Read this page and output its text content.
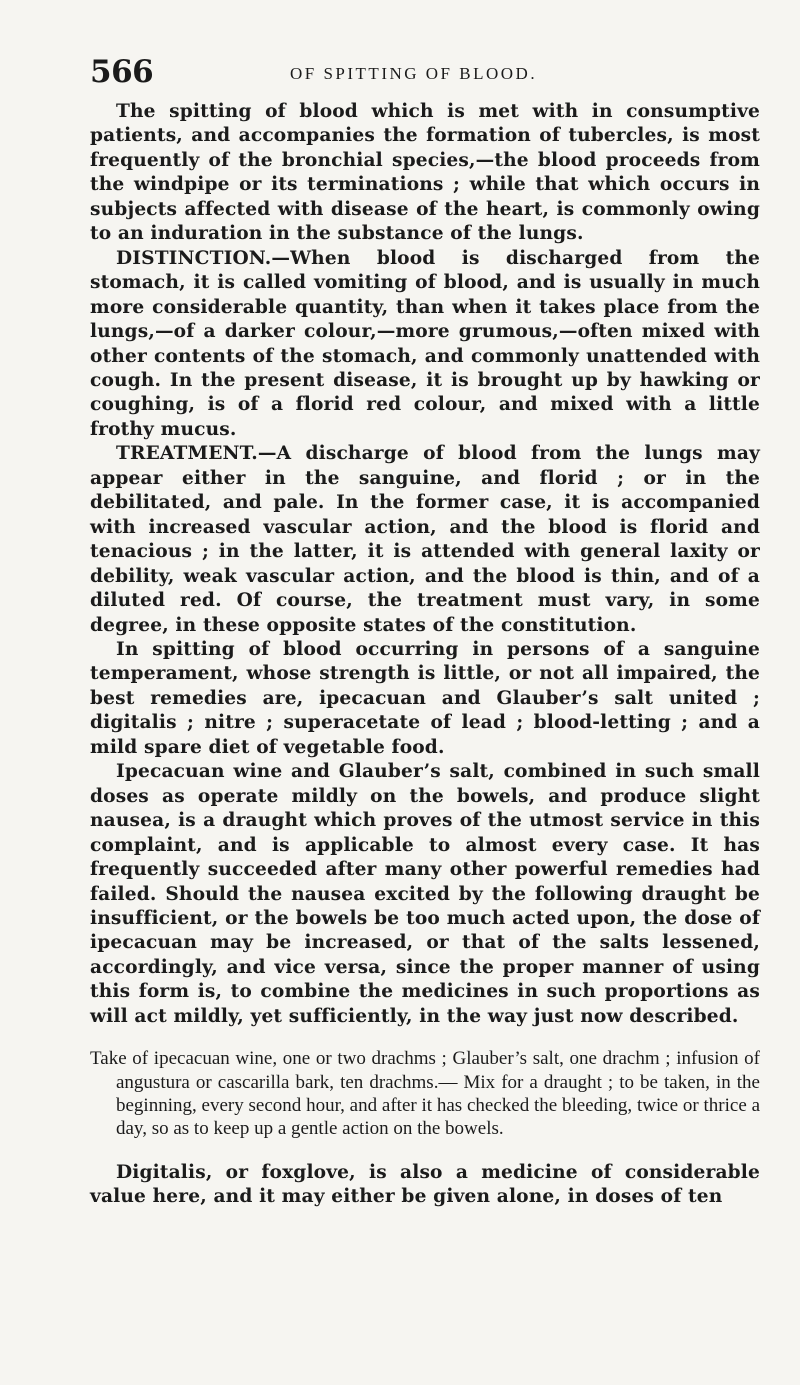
566	OF SPITTING OF BLOOD.

The spitting of blood which is met with in consumptive patients, and accompanies the formation of tubercles, is most frequently of the bronchial species,—the blood proceeds from the windpipe or its terminations ; while that which occurs in subjects affected with disease of the heart, is commonly owing to an induration in the substance of the lungs.

DISTINCTION.—When blood is discharged from the stomach, it is called vomiting of blood, and is usually in much more considerable quantity, than when it takes place from the lungs,—of a darker colour,—more grumous,—often mixed with other contents of the stomach, and commonly unattended with cough. In the present disease, it is brought up by hawking or coughing, is of a florid red colour, and mixed with a little frothy mucus.

TREATMENT.—A discharge of blood from the lungs may appear either in the sanguine, and florid ; or in the debilitated, and pale. In the former case, it is accompanied with increased vascular action, and the blood is florid and tenacious ; in the latter, it is attended with general laxity or debility, weak vascular action, and the blood is thin, and of a diluted red. Of course, the treatment must vary, in some degree, in these opposite states of the constitution.

In spitting of blood occurring in persons of a sanguine temperament, whose strength is little, or not all impaired, the best remedies are, ipecacuan and Glauber’s salt united ; digitalis ; nitre ; superacetate of lead ; blood-letting ; and a mild spare diet of vegetable food.

Ipecacuan wine and Glauber’s salt, combined in such small doses as operate mildly on the bowels, and produce slight nausea, is a draught which proves of the utmost service in this complaint, and is applicable to almost every case. It has frequently succeeded after many other powerful remedies had failed. Should the nausea excited by the following draught be insufficient, or the bowels be too much acted upon, the dose of ipecacuan may be increased, or that of the salts lessened, accordingly, and vice versa, since the proper manner of using this form is, to combine the medicines in such proportions as will act mildly, yet sufficiently, in the way just now described.

Take of ipecacuan wine, one or two drachms ; Glauber’s salt, one drachm ; infusion of angustura or cascarilla bark, ten drachms.— Mix for a draught ; to be taken, in the beginning, every second hour, and after it has checked the bleeding, twice or thrice a day, so as to keep up a gentle action on the bowels.

Digitalis, or foxglove, is also a medicine of considerable value here, and it may either be given alone, in doses of ten
